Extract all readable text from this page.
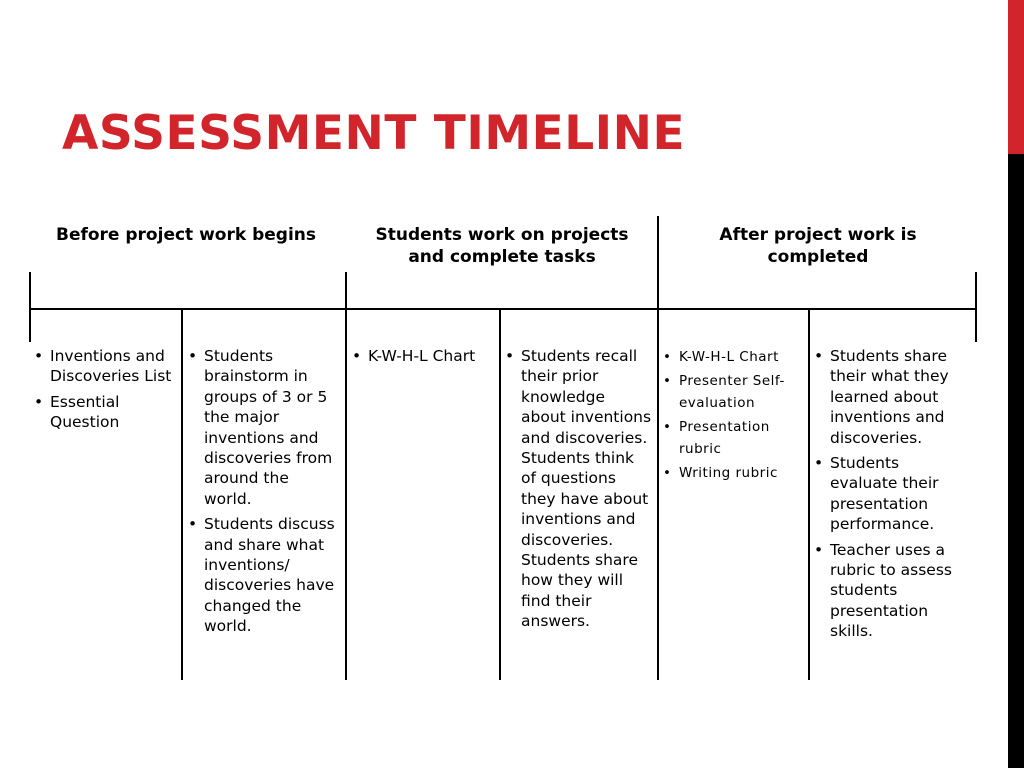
ASSESSMENT TIMELINE
Before project work begins	Students work on projects and complete tasks
After project work is completed
• Inventions and Discoveries List
• Essential Question
• Students brainstorm in groups of 3 or 5 the major inventions and discoveries from around the world.
• Students discuss and share what inventions/ discoveries have changed the world.
• K-W-H-L Chart
•	Students recall their prior knowledge about inventions and discoveries. Students think of questions they have about inventions and discoveries. Students share how they will find their answers.
• K-W-H-L Chart
• Presenter Self-evaluation
• Presentation rubric
• Writing rubric
• Students share their what they learned about inventions and discoveries.
• Students evaluate their presentation performance.
• Teacher uses a rubric to assess students presentation skills.
